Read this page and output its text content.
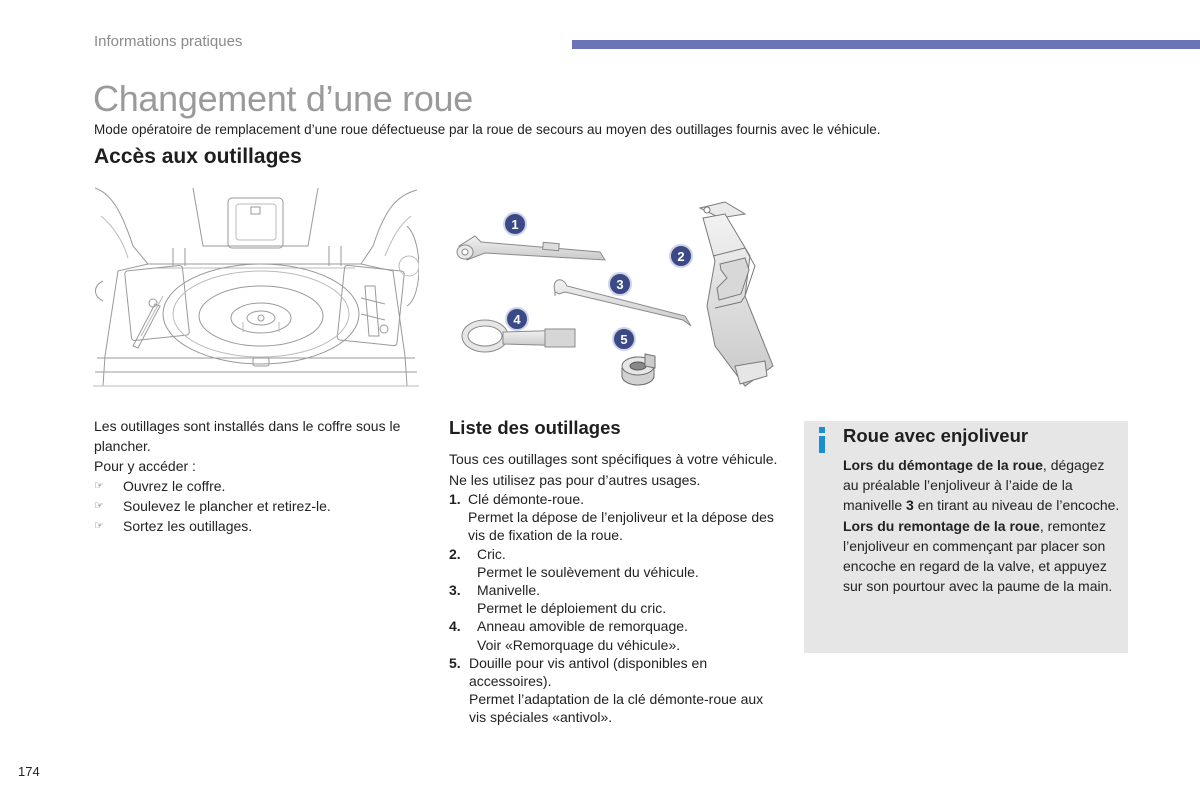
Informations pratiques
Changement d’une roue
Mode opératoire de remplacement d’une roue défectueuse par la roue de secours au moyen des outillages fournis avec le véhicule.
Accès aux outillages
1
2
3
4
5
Les outillages sont installés dans le coffre sous le plancher.
Pour y accéder :
☞	Ouvrez le coffre.
☞	Soulevez le plancher et retirez-le.
☞	Sortez les outillages.
Liste des outillages
Tous ces outillages sont spécifiques à votre véhicule. Ne les utilisez pas pour d’autres usages.
1. Clé démonte-roue.
Permet la dépose de l’enjoliveur et la dépose des vis de fixation de la roue.
2.	Cric.
Permet le soulèvement du véhicule.
3.	Manivelle.
Permet le déploiement du cric.
4.	Anneau amovible de remorquage.
Voir «Remorquage du véhicule».
5. Douille pour vis antivol (disponibles en accessoires).
Permet l’adaptation de la clé démonte-roue aux vis spéciales «antivol».
Roue avec enjoliveur
Lors du démontage de la roue, dégagez au préalable l’enjoliveur à l’aide de la manivelle 3 en tirant au niveau de l’encoche.
Lors du remontage de la roue, remontez l’enjoliveur en commençant par placer son encoche en regard de la valve, et appuyez sur son pourtour avec la paume de la main.
174
